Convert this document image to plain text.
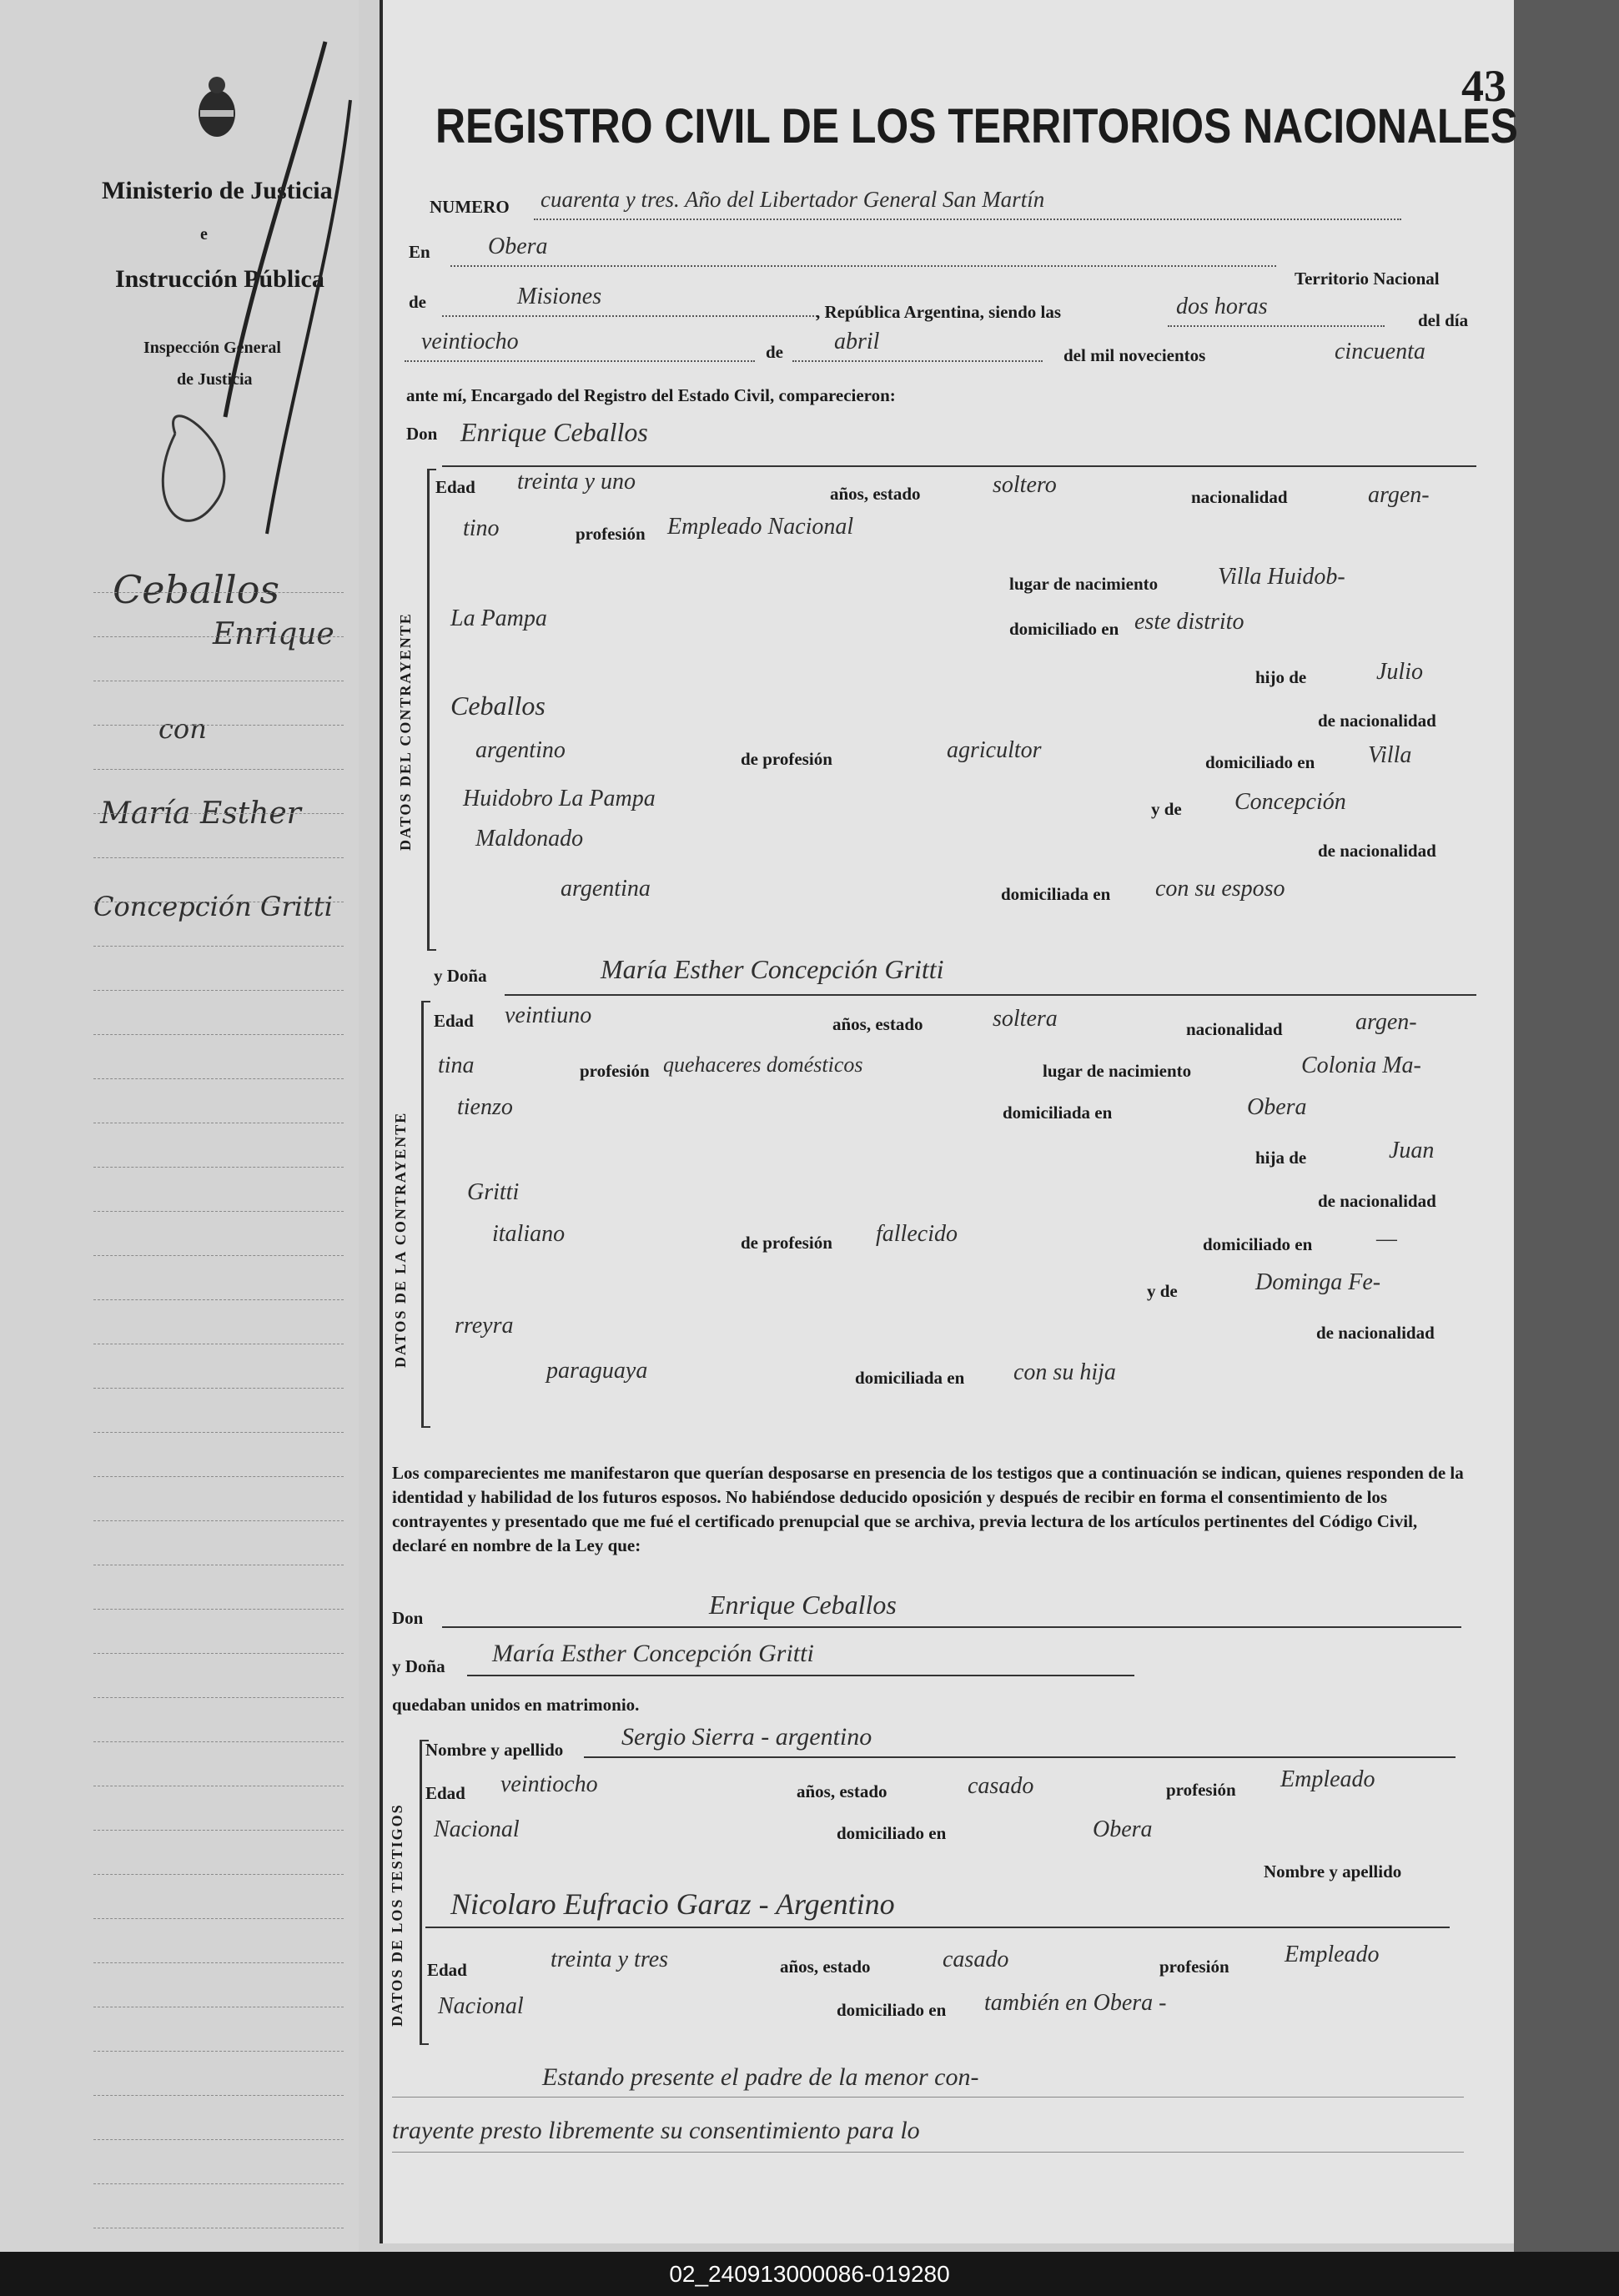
Ministerio de Justicia
e
Instrucción Pública
Inspección General
de Justicia
Ceballos
Enrique
con
María Esther
Concepción Gritti
43
REGISTRO CIVIL DE LOS TERRITORIOS NACIONALES
NUMERO cuarenta y tres. Año del Libertador General San Martín
En Obera
Territorio Nacional
de	Misiones
, República Argentina, siendo las	dos horas
del día
veintiocho	de abril
del mil novecientos	cincuenta
ante mí, Encargado del Registro del Estado Civil, comparecieron:
Don Enrique Ceballos
DATOS DEL CONTRAYENTE
Edad treinta y uno	años, estado	soltero	nacionalidad	argen-
tino	profesión Empleado Nacional
lugar de nacimiento	Villa Huidob-
La Pampa	domiciliado en este distrito
hijo de	Julio
Ceballos	de nacionalidad
argentino	de profesión	agricultor	domiciliado en Villa
Huidobro La Pampa	y de Concepción
Maldonado	de nacionalidad
argentina	domiciliada en con su esposo
y Doña	María Esther Concepción Gritti
DATOS DE LA CONTRAYENTE
Edad veintiuno	años, estado	soltera	nacionalidad	argen-
tina	profesión quehaceres domésticos	lugar de nacimiento	Colonia Ma-
tienzo	domiciliada en	Obera
hija de	Juan
Gritti	de nacionalidad
italiano	de profesión fallecido	domiciliado en	—
y de	Dominga Fe-
rreyra	de nacionalidad
paraguaya	domiciliada en con su hija
Los comparecientes me manifestaron que querían desposarse en presencia de los testigos que a continuación se indican, quienes responden de la identidad y habilidad de los futuros esposos. No habiéndose deducido oposición y después de recibir en forma el consentimiento de los contrayentes y presentado que me fué el certificado prenupcial que se archiva, previa lectura de los artículos pertinentes del Código Civil, declaré en nombre de la Ley que:
Don	Enrique Ceballos
y Doña María Esther Concepción Gritti
quedaban unidos en matrimonio.
DATOS DE LOS TESTIGOS
Nombre y apellido Sergio Sierra - argentino
Edad veintiocho	años, estado	casado	profesión Empleado
Nacional	domiciliado en	Obera
Nombre y apellido
Nicolaro Eufracio Garaz - Argentino
Edad	treinta y tres	años, estado	casado	profesión Empleado
Nacional	domiciliado en también en Obera -
Estando presente el padre de la menor con-
trayente presto libremente su consentimiento para lo
02_240913000086-019280
